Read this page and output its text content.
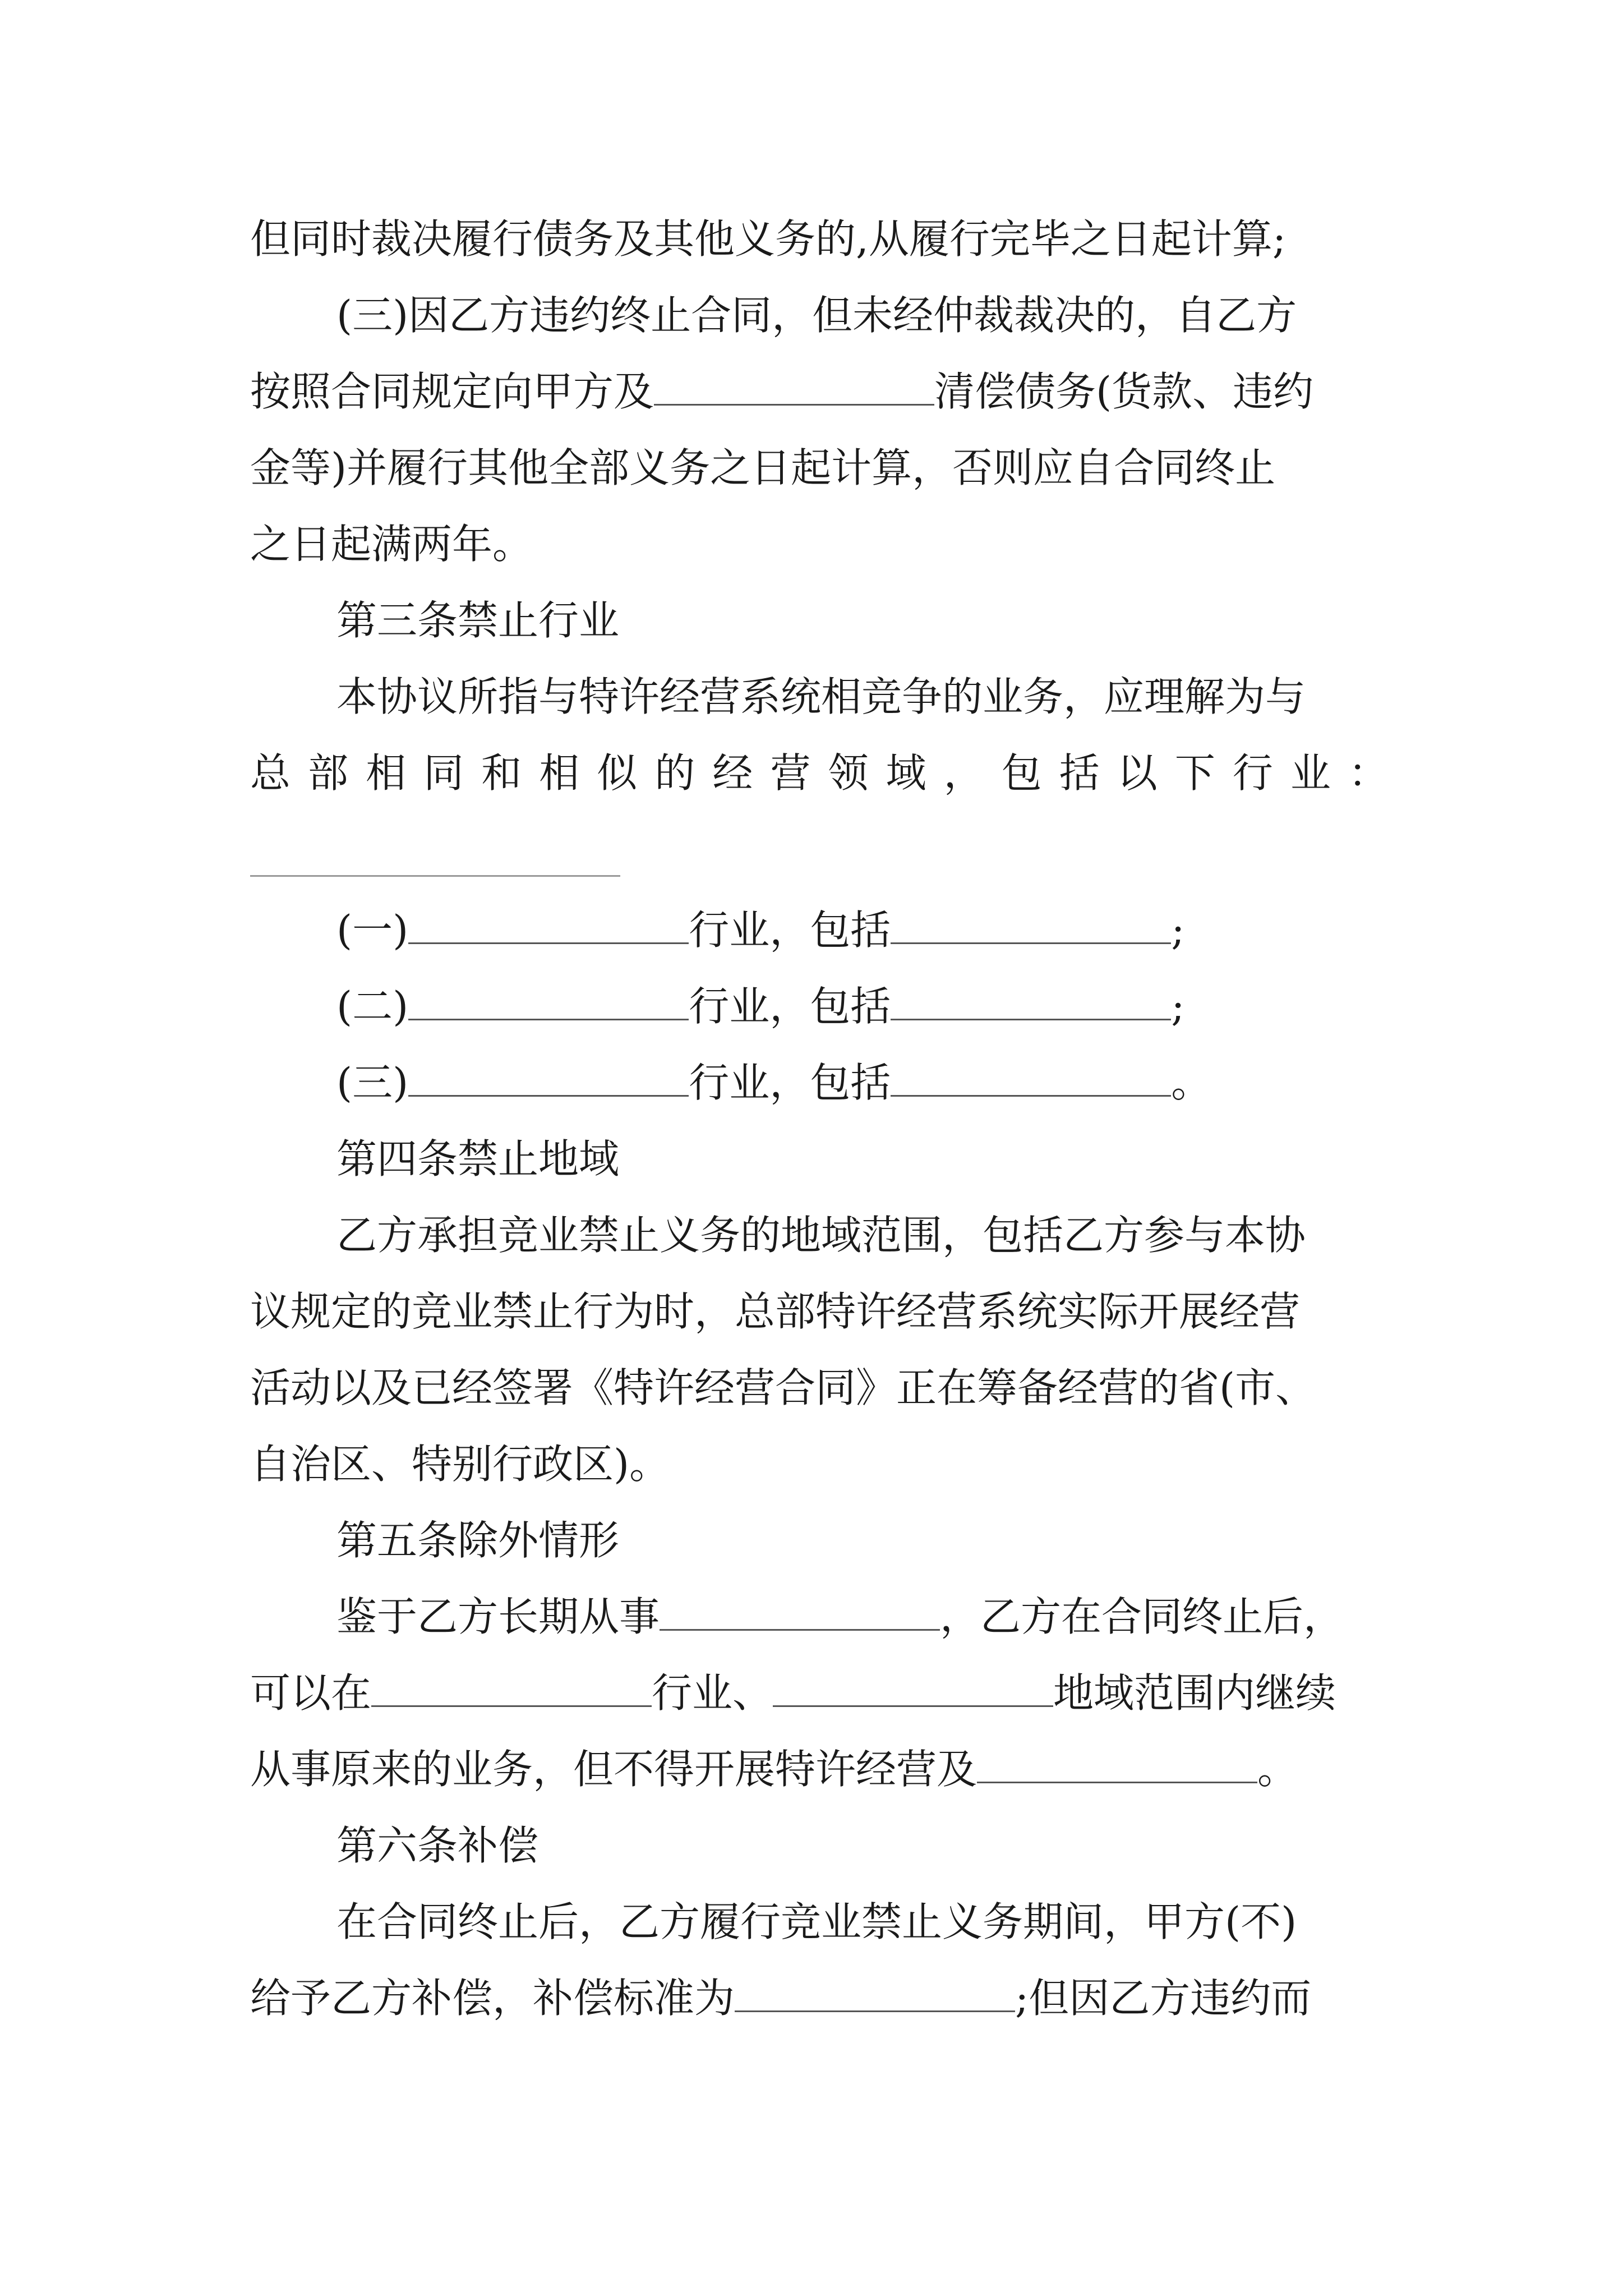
但同时裁决履行债务及其他义务的,从履行完毕之日起计算;
(三)因乙方违约终止合同，但未经仲裁裁决的，自乙方
按照合同规定向甲方及	清偿债务(货款、违约
金等)并履行其他全部义务之日起计算，否则应自合同终止
之日起满两年。
第三条禁止行业
本协议所指与特许经营系统相竞争的业务，应理解为与
总部相同和相似的经营领域，包括以下行业：
(一)	行业，包括	;
(二)	行业，包括	;
(三)	行业，包括	。
第四条禁止地域
乙方承担竞业禁止义务的地域范围，包括乙方参与本协
议规定的竞业禁止行为时，总部特许经营系统实际开展经营
活动以及已经签署《特许经营合同》正在筹备经营的省(市、
自治区、特别行政区)。
第五条除外情形
鉴于乙方长期从事	，乙方在合同终止后，
可以在	行业、	地域范围内继续
从事原来的业务，但不得开展特许经营及	。
第六条补偿
在合同终止后，乙方履行竞业禁止义务期间，甲方(不)
给予乙方补偿，补偿标准为	;但因乙方违约而
